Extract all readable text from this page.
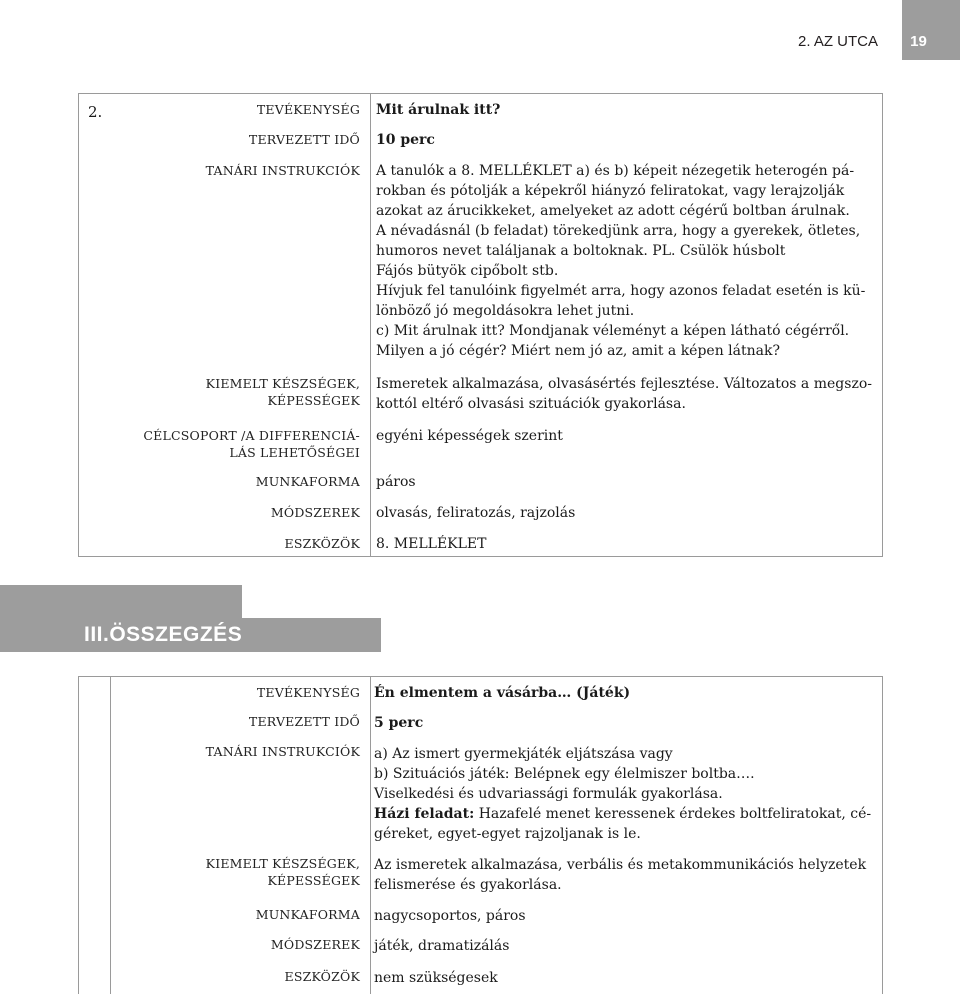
2. AZ UTCA	19
2.	TEVÉKENYSÉG
TERVEZETT IDŐ
TANÁRI INSTRUKCIÓK
KIEMELT KÉSZSÉGEK,
KÉPESSÉGEK
CÉLCSOPORT /A DIFFERENCIÁ-
LÁS LEHETŐSÉGEI
MUNKAFORMA
MÓDSZEREK
ESZKÖZÖK
Mit árulnak itt?
10 perc
A tanulók a 8. MELLÉKLET a) és b) képeit nézegetik heterogén pá-
rokban és pótolják a képekről hiányzó feliratokat, vagy lerajzolják
azokat az árucikkeket, amelyeket az adott cégérű boltban árulnak.
A névadásnál (b feladat) törekedjünk arra, hogy a gyerekek, ötletes,
humoros nevet találjanak a boltoknak. PL. Csülök húsbolt
Fájós bütyök cipőbolt stb.
Hívjuk fel tanulóink figyelmét arra, hogy azonos feladat esetén is kü-
lönböző jó megoldásokra lehet jutni.
c) Mit árulnak itt? Mondjanak véleményt a képen látható cégérről.
Milyen a jó cégér? Miért nem jó az, amit a képen látnak?
Ismeretek alkalmazása, olvasásértés fejlesztése. Változatos a megszo-
kottól eltérő olvasási szituációk gyakorlása.
egyéni képességek szerint
páros
olvasás, feliratozás, rajzolás
8. MELLÉKLET
III.ÖSSZEGZÉS
TEVÉKENYSÉG
TERVEZETT IDŐ
TANÁRI INSTRUKCIÓK
KIEMELT KÉSZSÉGEK,
KÉPESSÉGEK
MUNKAFORMA
MÓDSZEREK
ESZKÖZÖK
Én elmentem a vásárba… (Játék)
5 perc
a) Az ismert gyermekjáték eljátszása vagy
b) Szituációs játék: Belépnek egy élelmiszer boltba….
Viselkedési és udvariassági formulák gyakorlása.
Házi feladat: Hazafelé menet keressenek érdekes boltfeliratokat, cé-
géreket, egyet-egyet rajzoljanak is le.
Az ismeretek alkalmazása, verbális és metakommunikációs helyzetek
felismerése és gyakorlása.
nagycsoportos, páros
játék, dramatizálás
nem szükségesek
